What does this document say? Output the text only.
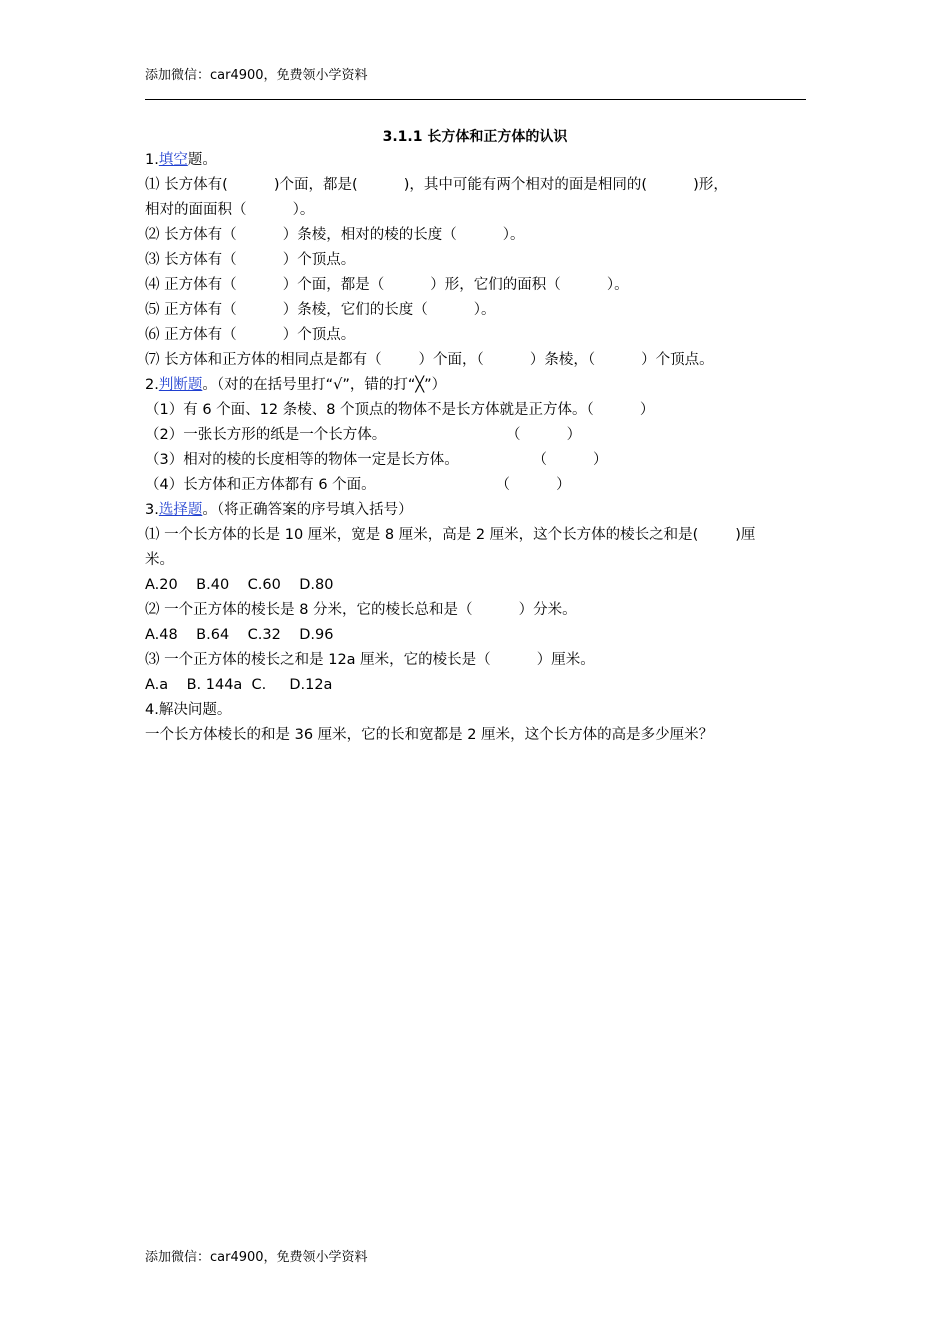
添加微信：car4900，免费领小学资料
3.1.1 长方体和正方体的认识
1.填空题。
⑴ 长方体有(          )个面，都是(          )，其中可能有两个相对的面是相同的(          )形，
相对的面面积（          ）。
⑵ 长方体有（          ）条棱，相对的棱的长度（          ）。
⑶ 长方体有（          ）个顶点。
⑷ 正方体有（          ）个面，都是（          ）形，它们的面积（          ）。
⑸ 正方体有（          ）条棱，它们的长度（          ）。
⑹ 正方体有（          ）个顶点。
⑺ 长方体和正方体的相同点是都有（        ）个面，（          ）条棱，（          ）个顶点。
2.判断题。（对的在括号里打“√”，错的打“╳”）
（1）有 6 个面、12 条棱、8 个顶点的物体不是长方体就是正方体。（          ）
（2）一张长方形的纸是一个长方体。                          （          ）
（3）相对的棱的长度相等的物体一定是长方体。                （          ）
（4）长方体和正方体都有 6 个面。                          （          ）
3.选择题。（将正确答案的序号填入括号）
⑴ 一个长方体的长是 10 厘米，宽是 8 厘米，高是 2 厘米，这个长方体的棱长之和是(        )厘
米。
A.20    B.40    C.60    D.80
⑵ 一个正方体的棱长是 8 分米，它的棱长总和是（          ）分米。
A.48    B.64    C.32    D.96
⑶ 一个正方体的棱长之和是 12a 厘米，它的棱长是（          ）厘米。
A.a    B. 144a  C.     D.12a
4.解决问题。
一个长方体棱长的和是 36 厘米，它的长和宽都是 2 厘米，这个长方体的高是多少厘米？
添加微信：car4900，免费领小学资料
